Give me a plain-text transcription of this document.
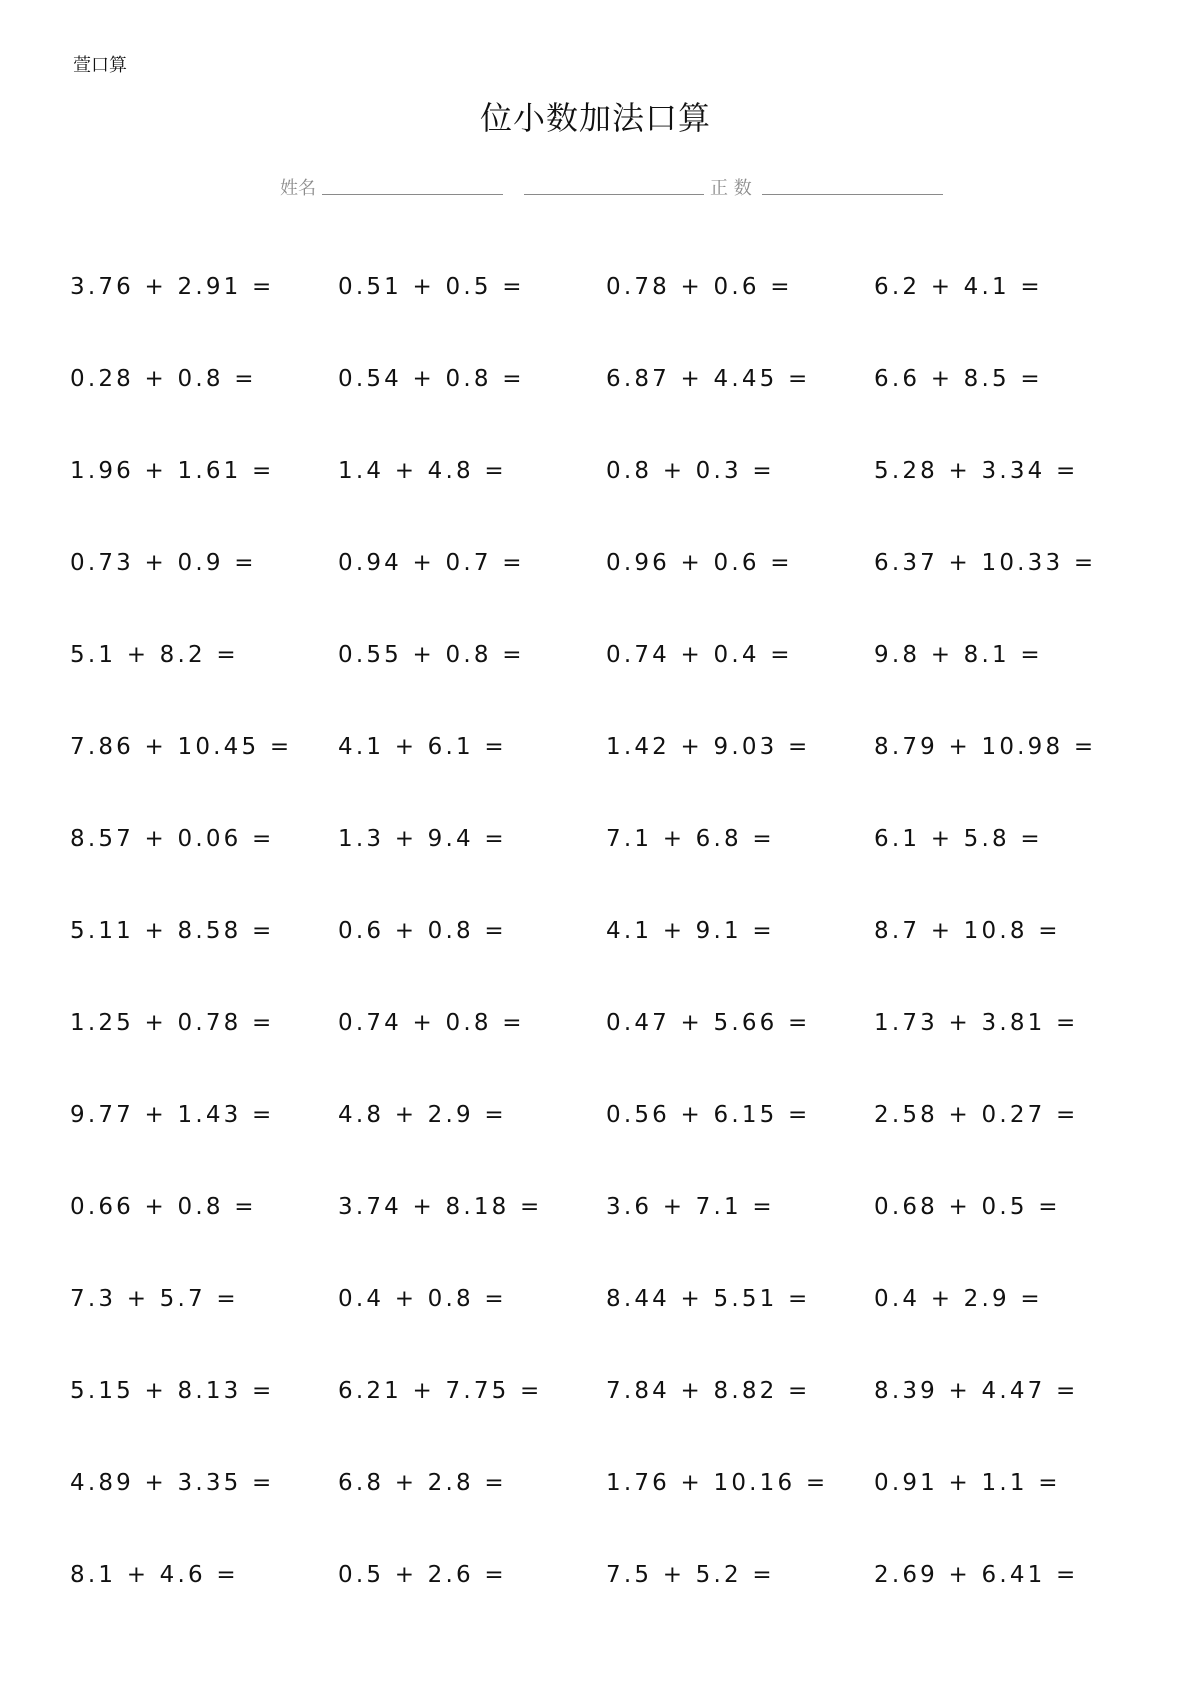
萱口算
位小数加法口算
姓名	正 数
3.76 + 2.91 =	0.51 + 0.5 =	0.78 + 0.6 =	6.2 + 4.1 =
0.28 + 0.8 =	0.54 + 0.8 =	6.87 + 4.45 =	6.6 + 8.5 =
1.96 + 1.61 =	1.4 + 4.8 =	0.8 + 0.3 =	5.28 + 3.34 =
0.73 + 0.9 =	0.94 + 0.7 =	0.96 + 0.6 =	6.37 + 10.33 =
5.1 + 8.2 =	0.55 + 0.8 =	0.74 + 0.4 =	9.8 + 8.1 =
7.86 + 10.45 =	4.1 + 6.1 =	1.42 + 9.03 =	8.79 + 10.98 =
8.57 + 0.06 =	1.3 + 9.4 =	7.1 + 6.8 =	6.1 + 5.8 =
5.11 + 8.58 =	0.6 + 0.8 =	4.1 + 9.1 =	8.7 + 10.8 =
1.25 + 0.78 =	0.74 + 0.8 =	0.47 + 5.66 =	1.73 + 3.81 =
9.77 + 1.43 =	4.8 + 2.9 =	0.56 + 6.15 =	2.58 + 0.27 =
0.66 + 0.8 =	3.74 + 8.18 =	3.6 + 7.1 =	0.68 + 0.5 =
7.3 + 5.7 =	0.4 + 0.8 =	8.44 + 5.51 =	0.4 + 2.9 =
5.15 + 8.13 =	6.21 + 7.75 =	7.84 + 8.82 =	8.39 + 4.47 =
4.89 + 3.35 =	6.8 + 2.8 =	1.76 + 10.16 =	0.91 + 1.1 =
8.1 + 4.6 =	0.5 + 2.6 =	7.5 + 5.2 =	2.69 + 6.41 =
